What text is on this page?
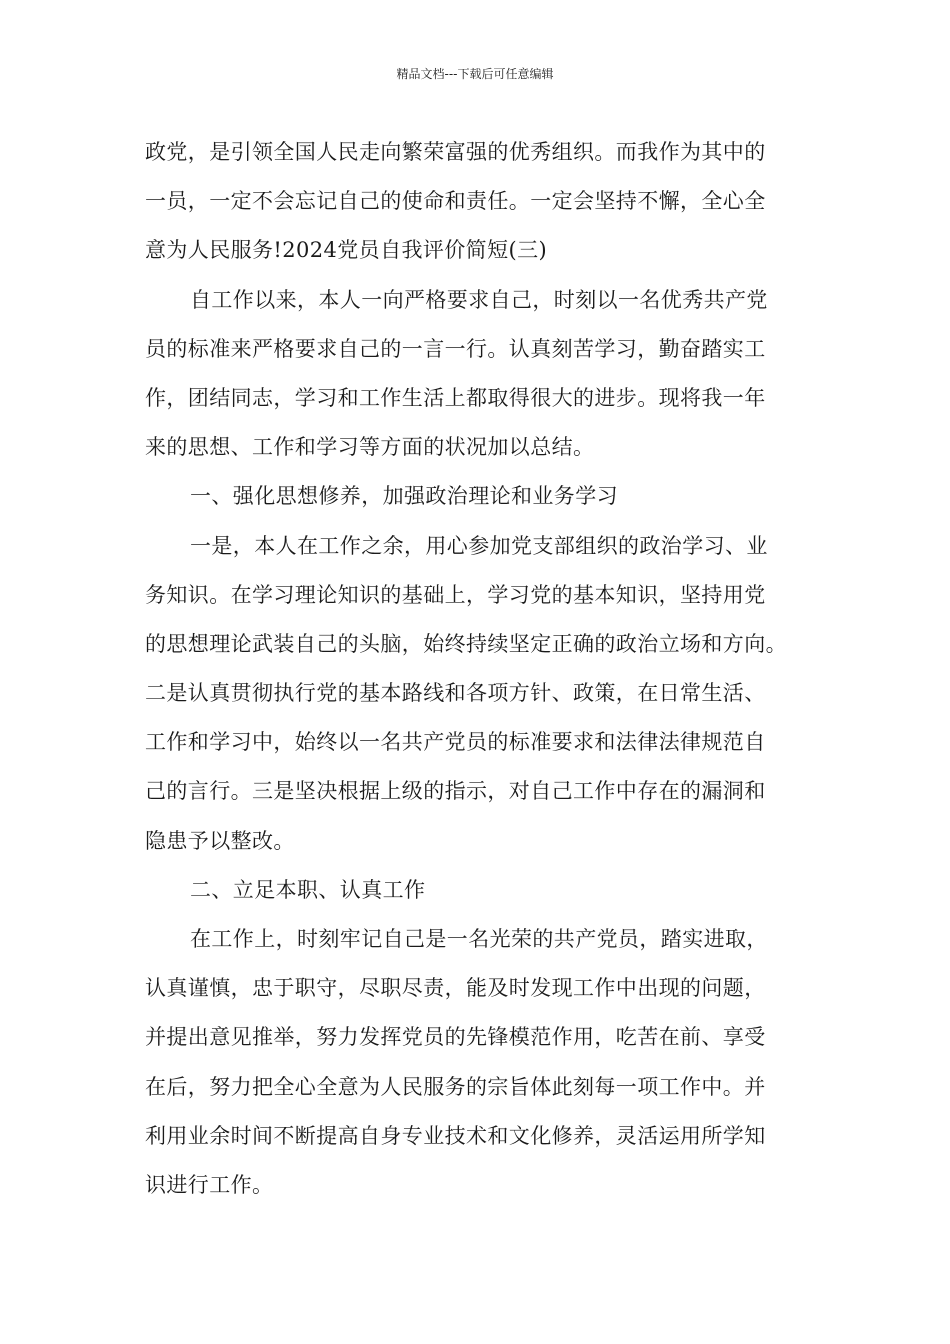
精品文档---下载后可任意编辑
政党，是引领全国人民走向繁荣富强的优秀组织。而我作为其中的
一员，一定不会忘记自己的使命和责任。一定会坚持不懈，全心全
意为人民服务!2024党员自我评价简短(三)
自工作以来，本人一向严格要求自己，时刻以一名优秀共产党
员的标准来严格要求自己的一言一行。认真刻苦学习，勤奋踏实工
作，团结同志，学习和工作生活上都取得很大的进步。现将我一年
来的思想、工作和学习等方面的状况加以总结。
一、强化思想修养，加强政治理论和业务学习
一是，本人在工作之余，用心参加党支部组织的政治学习、业
务知识。在学习理论知识的基础上，学习党的基本知识，坚持用党
的思想理论武装自己的头脑，始终持续坚定正确的政治立场和方向。
二是认真贯彻执行党的基本路线和各项方针、政策，在日常生活、
工作和学习中，始终以一名共产党员的标准要求和法律法律规范自
己的言行。三是坚决根据上级的指示，对自己工作中存在的漏洞和
隐患予以整改。
二、立足本职、认真工作
在工作上，时刻牢记自己是一名光荣的共产党员，踏实进取，
认真谨慎，忠于职守，尽职尽责，能及时发现工作中出现的问题，
并提出意见推举，努力发挥党员的先锋模范作用，吃苦在前、享受
在后，努力把全心全意为人民服务的宗旨体此刻每一项工作中。并
利用业余时间不断提高自身专业技术和文化修养，灵活运用所学知
识进行工作。
